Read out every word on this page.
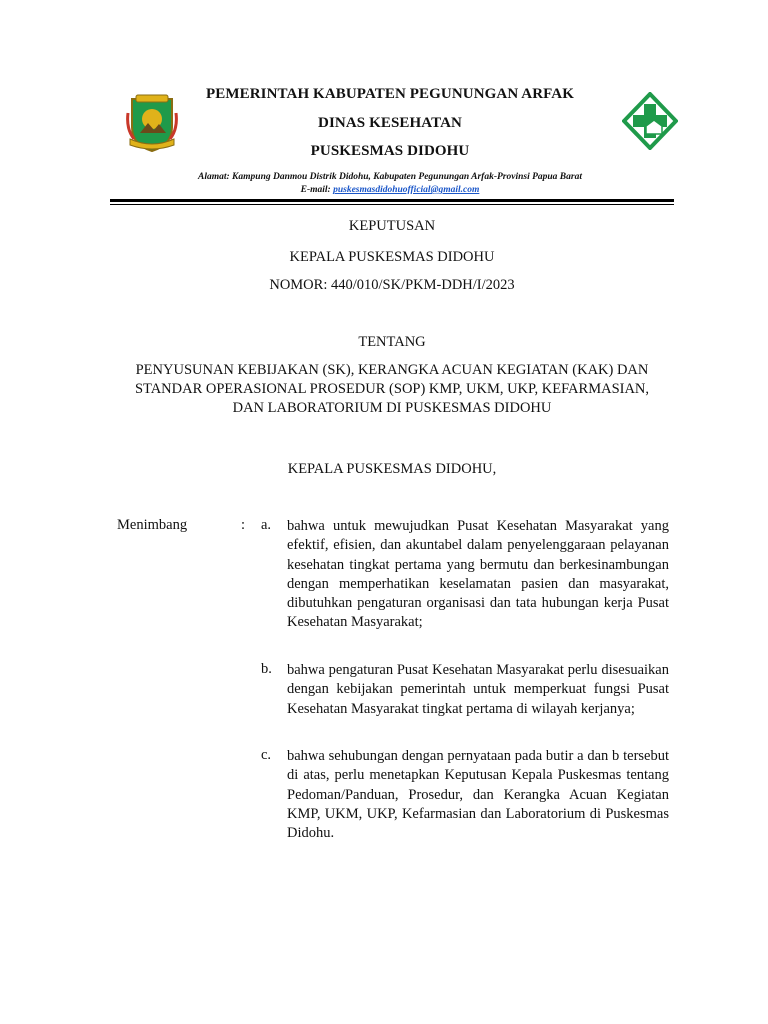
PEMERINTAH KABUPATEN PEGUNUNGAN ARFAK
DINAS KESEHATAN
PUSKESMAS DIDOHU
Alamat: Kampung Danmou Distrik Didohu, Kabupaten Pegunungan Arfak-Provinsi Papua Barat
E-mail: puskesmasdidohuofficial@gmail.com
KEPUTUSAN
KEPALA PUSKESMAS DIDOHU
NOMOR: 440/010/SK/PKM-DDH/I/2023
TENTANG
PENYUSUNAN KEBIJAKAN (SK), KERANGKA ACUAN KEGIATAN (KAK) DAN
STANDAR OPERASIONAL PROSEDUR (SOP) KMP, UKM, UKP, KEFARMASIAN,
DAN LABORATORIUM DI PUSKESMAS DIDOHU
KEPALA PUSKESMAS DIDOHU,
Menimbang	: a. bahwa untuk mewujudkan Pusat Kesehatan Masyarakat yang efektif, efisien, dan akuntabel dalam penyelenggaraan pelayanan kesehatan tingkat pertama yang bermutu dan berkesinambungan dengan memperhatikan keselamatan pasien dan masyarakat, dibutuhkan pengaturan organisasi dan tata hubungan kerja Pusat Kesehatan Masyarakat;
b. bahwa pengaturan Pusat Kesehatan Masyarakat perlu disesuaikan dengan kebijakan pemerintah untuk memperkuat fungsi Pusat Kesehatan Masyarakat tingkat pertama di wilayah kerjanya;
c. bahwa sehubungan dengan pernyataan pada butir a dan b tersebut di atas, perlu menetapkan Keputusan Kepala Puskesmas tentang Pedoman/Panduan, Prosedur, dan Kerangka Acuan Kegiatan KMP, UKM, UKP, Kefarmasian dan Laboratorium di Puskesmas Didohu.
